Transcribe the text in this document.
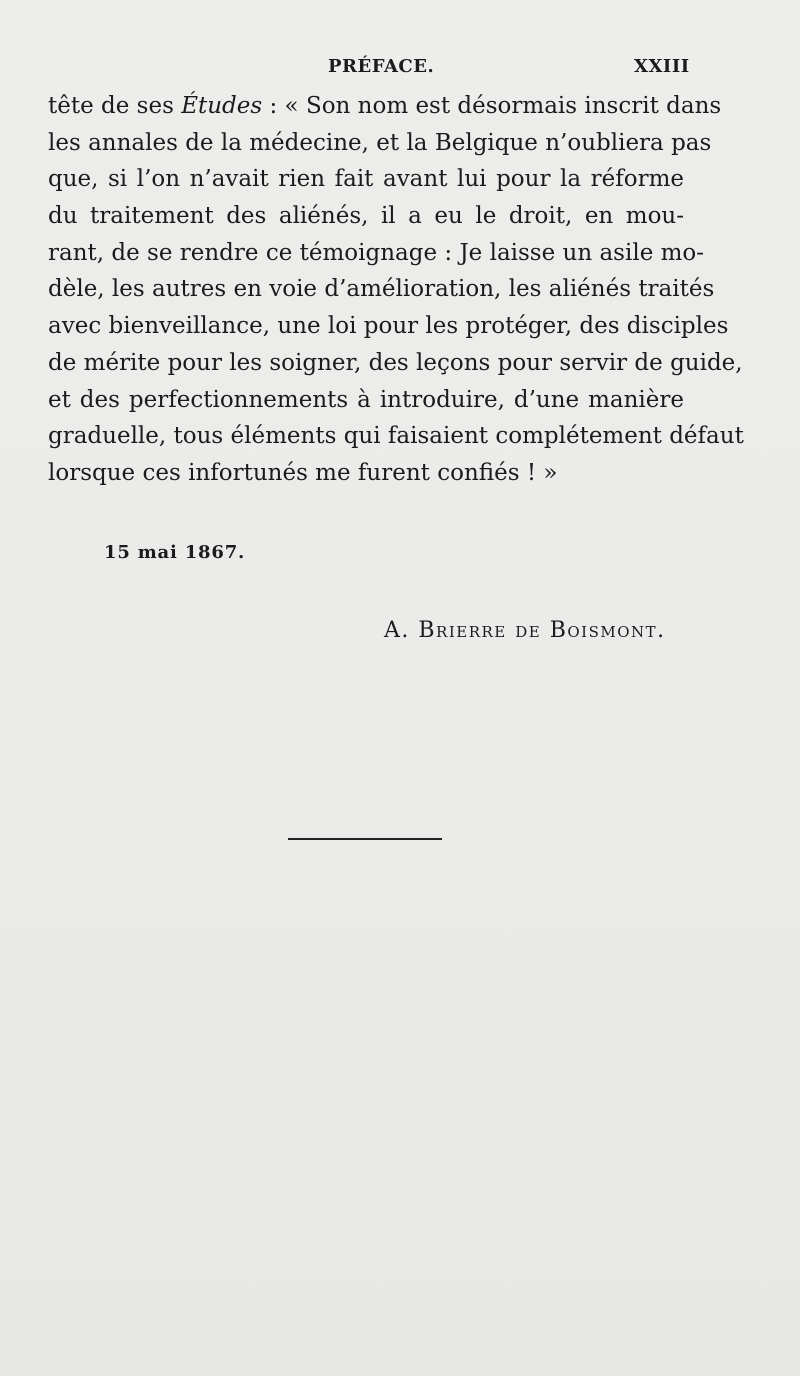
PRÉFACE.	XXIII
tête de ses Études : « Son nom est désormais inscrit dans
les annales de la médecine, et la Belgique n’oubliera pas
que, si l’on n’avait rien fait avant lui pour la réforme
du traitement des aliénés, il a eu le droit, en mou-
rant, de se rendre ce témoignage : Je laisse un asile mo-
dèle, les autres en voie d’amélioration, les aliénés traités
avec bienveillance, une loi pour les protéger, des disciples
de mérite pour les soigner, des leçons pour servir de guide,
et des perfectionnements à introduire, d’une manière
graduelle, tous éléments qui faisaient complétement défaut
lorsque ces infortunés me furent confiés ! »
15 mai 1867.
A. Brierre de Boismont.
